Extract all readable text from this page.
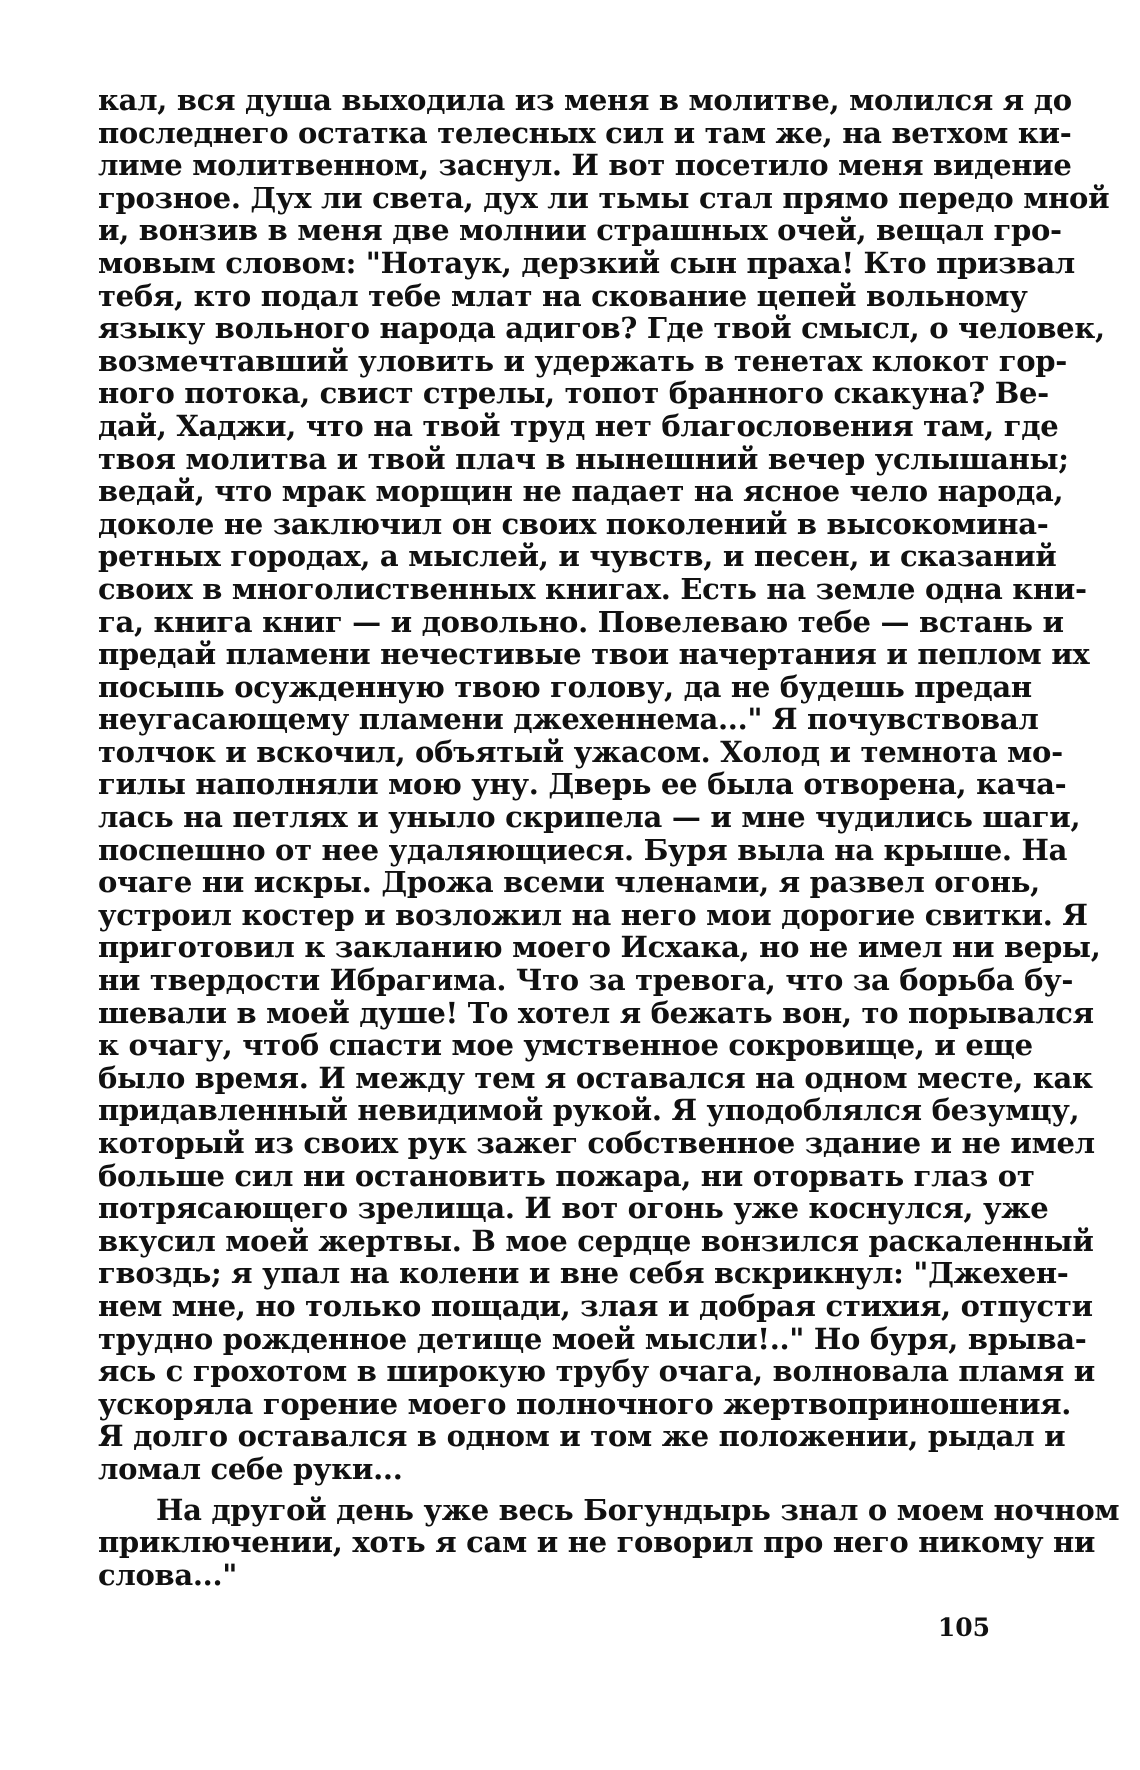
кал, вся душа выходила из меня в молитве, молился я до
последнего остатка телесных сил и там же, на ветхом ки-
лиме молитвенном, заснул. И вот посетило меня видение
грозное. Дух ли света, дух ли тьмы стал прямо передо мной
и, вонзив в меня две молнии страшных очей, вещал гро-
мовым словом: "Нотаук, дерзкий сын праха! Кто призвал
тебя, кто подал тебе млат на скование цепей вольному
языку вольного народа адигов? Где твой смысл, о человек,
возмечтавший уловить и удержать в тенетах клокот гор-
ного потока, свист стрелы, топот бранного скакуна? Ве-
дай, Хаджи, что на твой труд нет благословения там, где
твоя молитва и твой плач в нынешний вечер услышаны;
ведай, что мрак морщин не падает на ясное чело народа,
доколе не заключил он своих поколений в высокомина-
ретных городах, а мыслей, и чувств, и песен, и сказаний
своих в многолиственных книгах. Есть на земле одна кни-
га, книга книг — и довольно. Повелеваю тебе — встань и
предай пламени нечестивые твои начертания и пеплом их
посыпь осужденную твою голову, да не будешь предан
неугасающему пламени джехеннема..." Я почувствовал
толчок и вскочил, объятый ужасом. Холод и темнота мо-
гилы наполняли мою уну. Дверь ее была отворена, кача-
лась на петлях и уныло скрипела — и мне чудились шаги,
поспешно от нее удаляющиеся. Буря выла на крыше. На
очаге ни искры. Дрожа всеми членами, я развел огонь,
устроил костер и возложил на него мои дорогие свитки. Я
приготовил к закланию моего Исхака, но не имел ни веры,
ни твердости Ибрагима. Что за тревога, что за борьба бу-
шевали в моей душе! То хотел я бежать вон, то порывался
к очагу, чтоб спасти мое умственное сокровище, и еще
было время. И между тем я оставался на одном месте, как
придавленный невидимой рукой. Я уподоблялся безумцу,
который из своих рук зажег собственное здание и не имел
больше сил ни остановить пожара, ни оторвать глаз от
потрясающего зрелища. И вот огонь уже коснулся, уже
вкусил моей жертвы. В мое сердце вонзился раскаленный
гвоздь; я упал на колени и вне себя вскрикнул: "Джехен-
нем мне, но только пощади, злая и добрая стихия, отпусти
трудно рожденное детище моей мысли!.." Но буря, врыва-
ясь с грохотом в широкую трубу очага, волновала пламя и
ускоряла горение моего полночного жертвоприношения.
Я долго оставался в одном и том же положении, рыдал и
ломал себе руки...
На другой день уже весь Богундырь знал о моем ночном
приключении, хоть я сам и не говорил про него никому ни
слова..."
105
